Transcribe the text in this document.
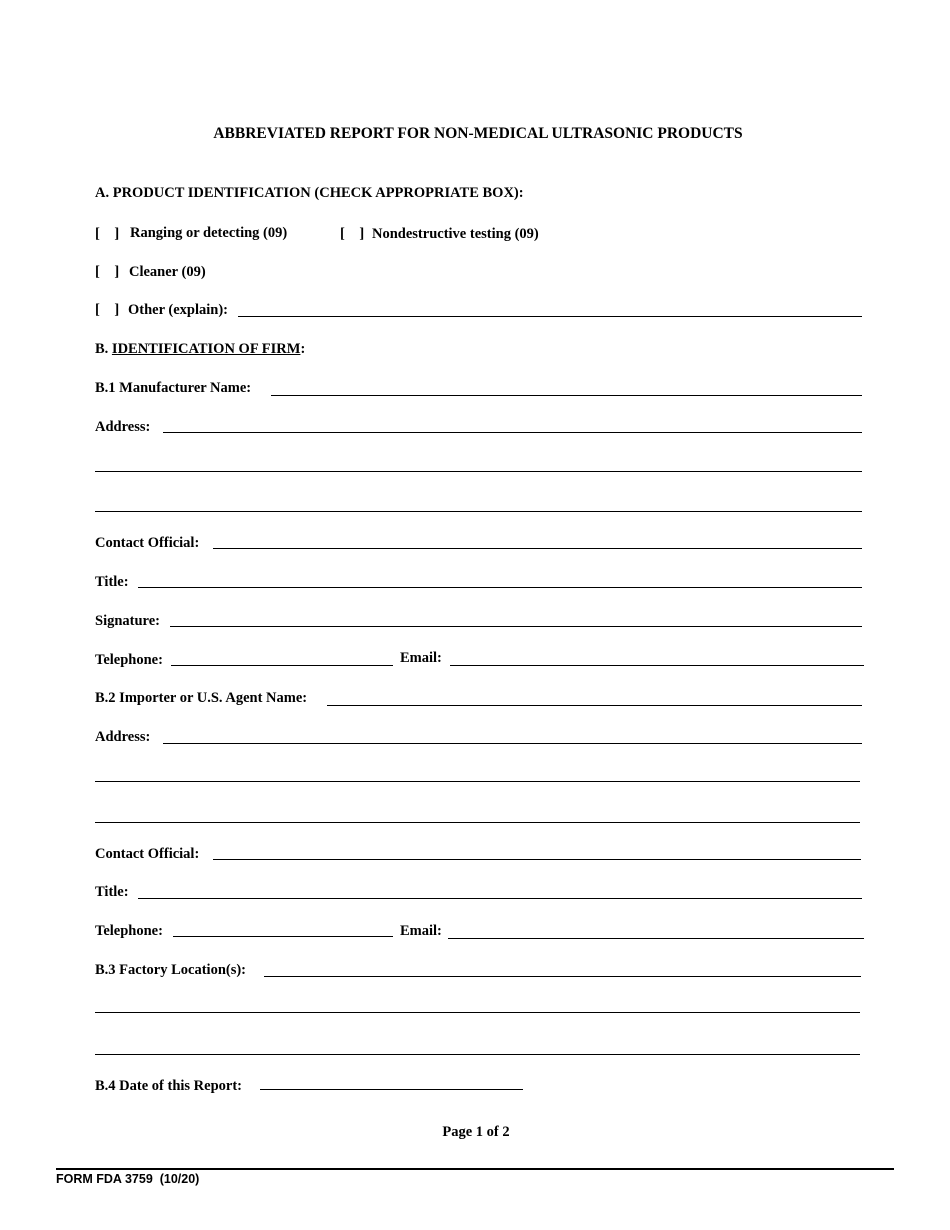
ABBREVIATED REPORT FOR NON-MEDICAL ULTRASONIC PRODUCTS
A. PRODUCT IDENTIFICATION (CHECK APPROPRIATE BOX):
[    ] Ranging or detecting (09)	[    ] Nondestructive testing (09)
[    ] Cleaner (09)
[    ] Other (explain):
B. IDENTIFICATION OF FIRM:
B.1 Manufacturer Name:
Address:
Contact Official:
Title:
Signature:
Telephone:	Email:
B.2 Importer or U.S. Agent Name:
Address:
Contact Official:
Title:
Telephone:	Email:
B.3 Factory Location(s):
B.4 Date of this Report:
Page 1 of 2
FORM FDA 3759  (10/20)
